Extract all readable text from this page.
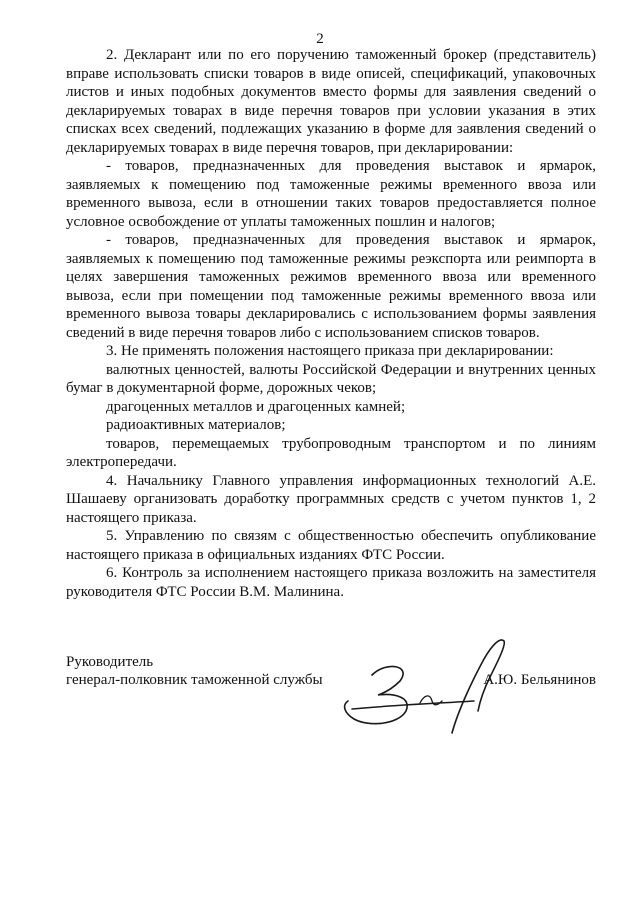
2

2. Декларант или по его поручению таможенный брокер (представитель) вправе использовать списки товаров в виде описей, спецификаций, упаковочных листов и иных подобных документов вместо формы для заявления сведений о декларируемых товарах в виде перечня товаров при условии указания в этих списках всех сведений, подлежащих указанию в форме для заявления сведений о декларируемых товарах в виде перечня товаров, при декларировании:

- товаров, предназначенных для проведения выставок и ярмарок, заявляемых к помещению под таможенные режимы временного ввоза или временного вывоза, если в отношении таких товаров предоставляется полное условное освобождение от уплаты таможенных пошлин и налогов;

- товаров, предназначенных для проведения выставок и ярмарок, заявляемых к помещению под таможенные режимы реэкспорта или реимпорта в целях завершения таможенных режимов временного ввоза или временного вывоза, если при помещении под таможенные режимы временного ввоза или временного вывоза товары декларировались с использованием формы заявления сведений в виде перечня товаров либо с использованием списков товаров.

3. Не применять положения настоящего приказа при декларировании:

валютных ценностей, валюты Российской Федерации и внутренних ценных бумаг в документарной форме, дорожных чеков;

драгоценных металлов и драгоценных камней;

радиоактивных материалов;

товаров, перемещаемых трубопроводным транспортом и по линиям электропередачи.

4. Начальнику Главного управления информационных технологий А.Е. Шашаеву организовать доработку программных средств с учетом пунктов 1, 2 настоящего приказа.

5. Управлению по связям с общественностью обеспечить опубликование настоящего приказа в официальных изданиях ФТС России.

6. Контроль за исполнением настоящего приказа возложить на заместителя руководителя ФТС России В.М. Малинина.

Руководитель
генерал-полковник таможенной службы	А.Ю. Бельянинов
